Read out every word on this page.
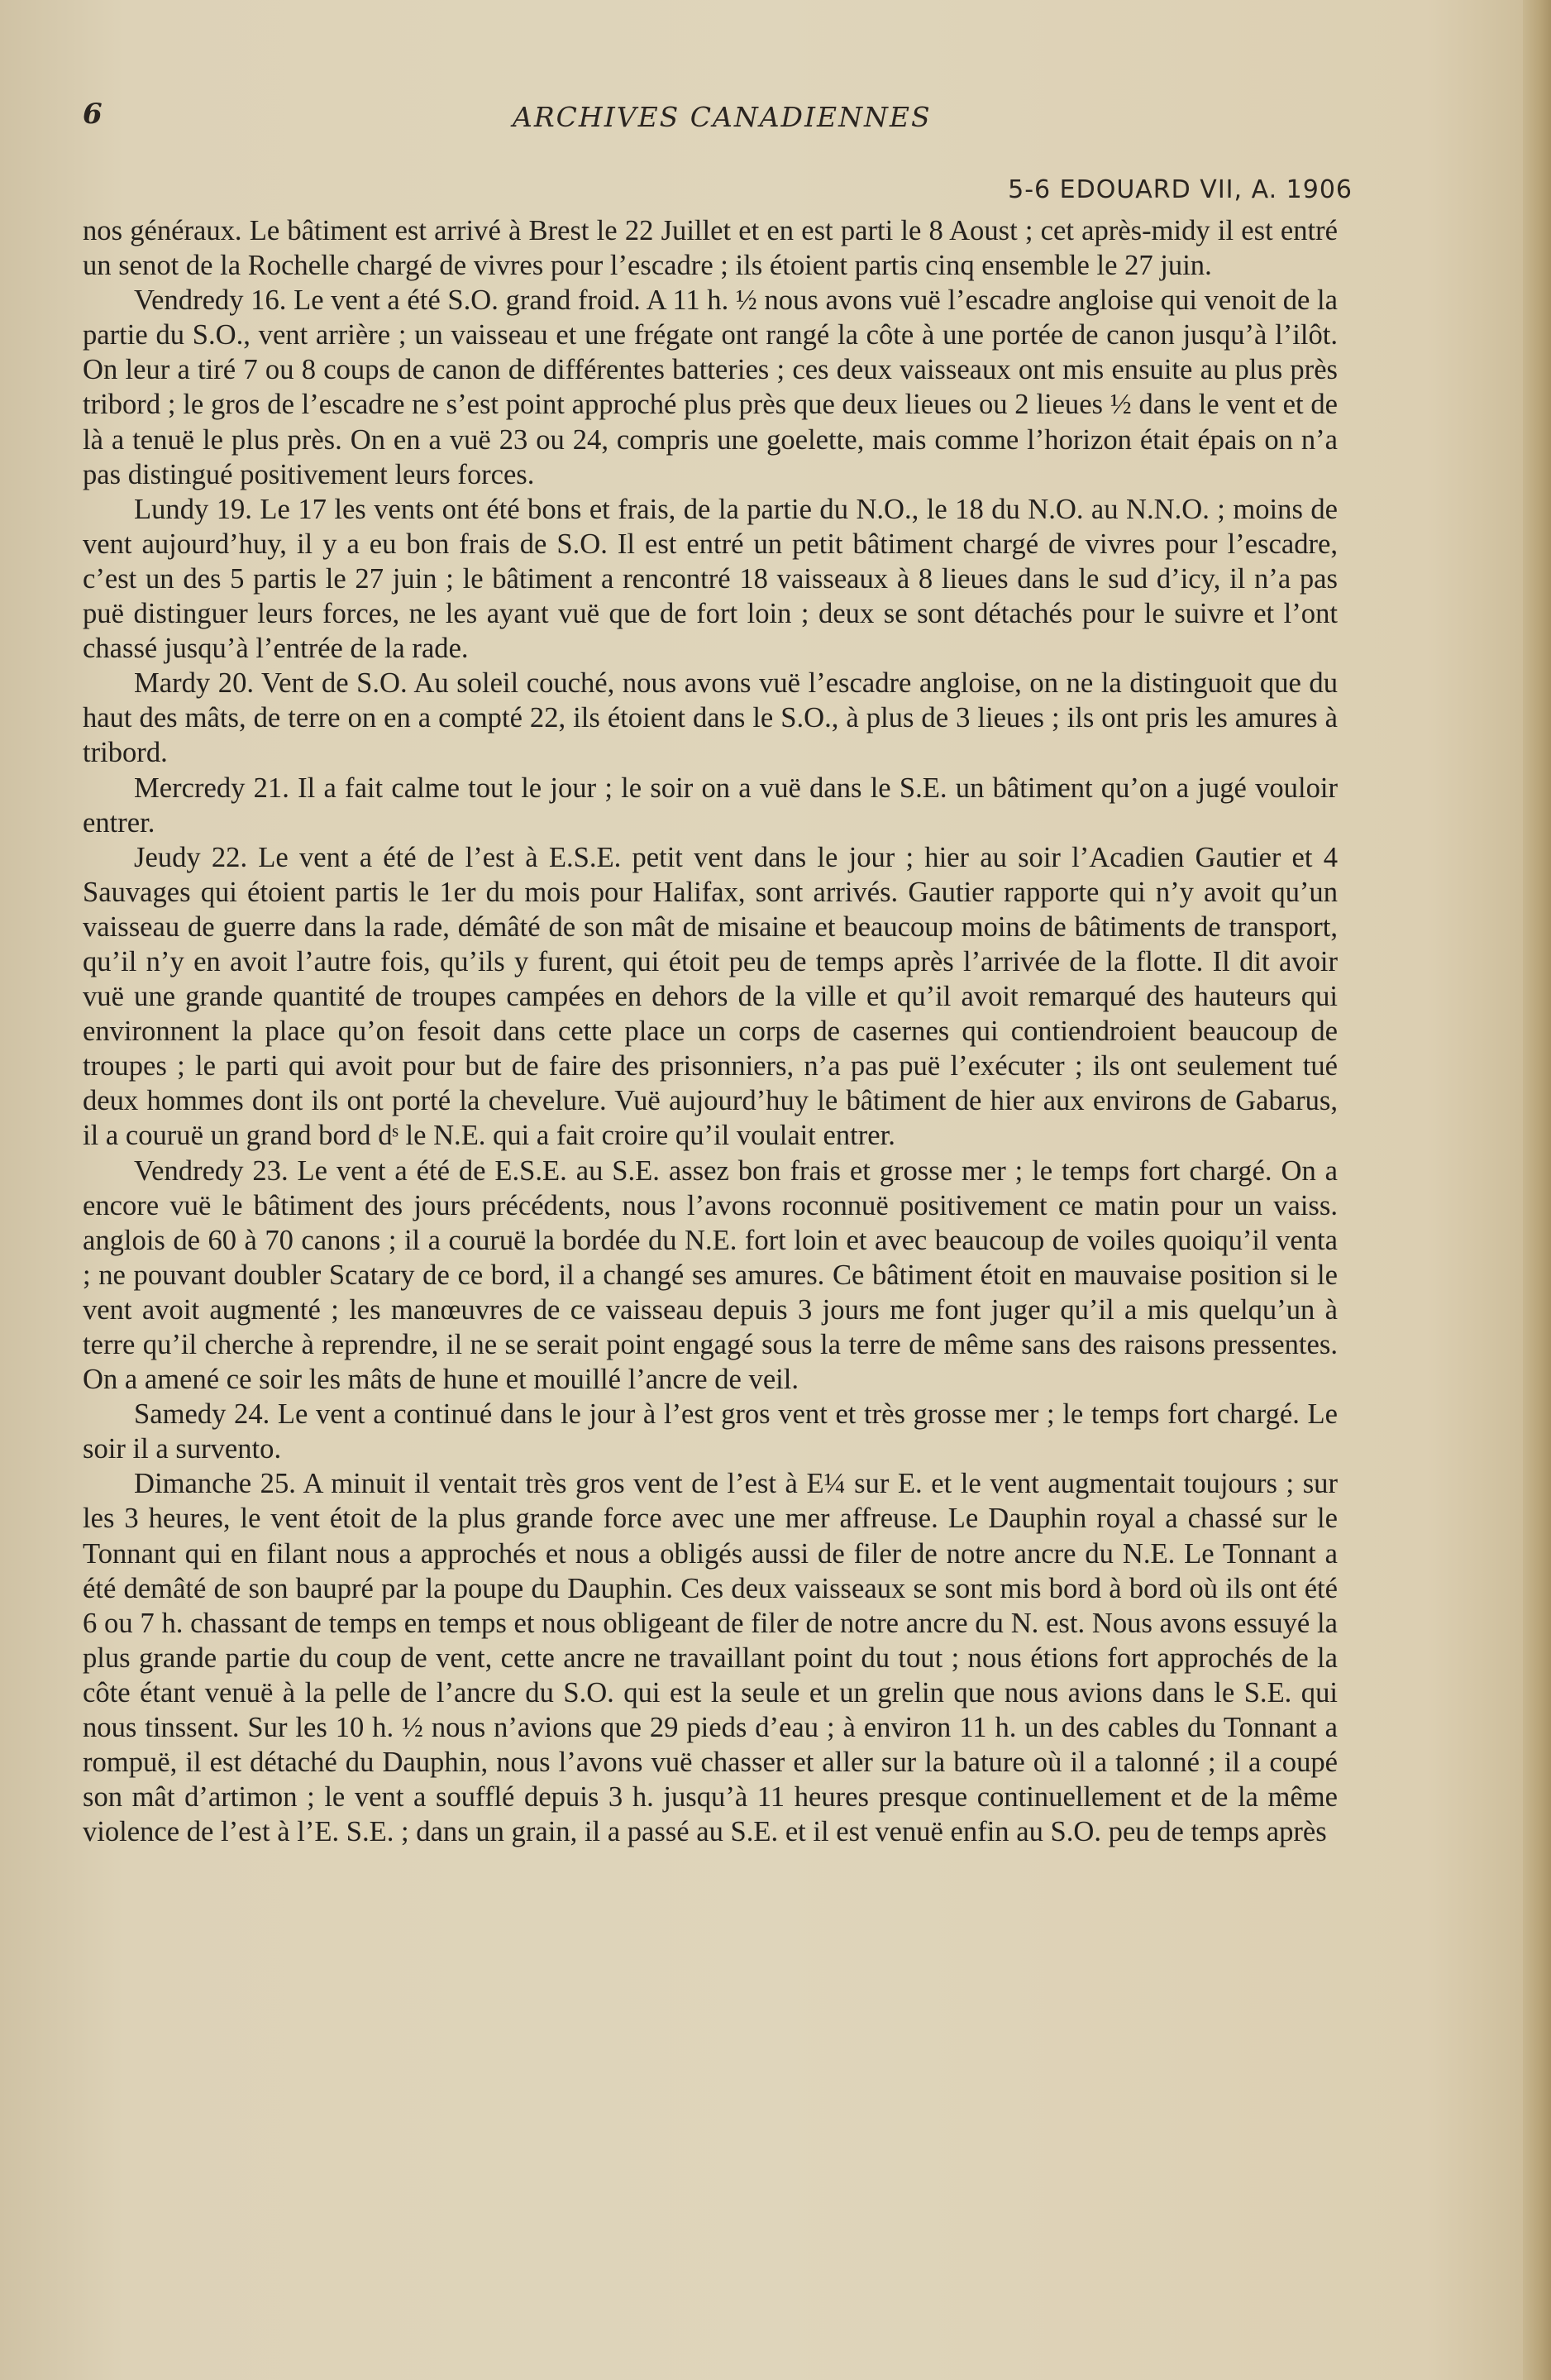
6	ARCHIVES CANADIENNES
5-6 EDOUARD VII, A. 1906

nos généraux. Le bâtiment est arrivé à Brest le 22 Juillet et en est parti le 8 Aoust ; cet après-midy il est entré un senot de la Rochelle chargé de vivres pour l’escadre ; ils étoient partis cinq ensemble le 27 juin.

Vendredy 16. Le vent a été S.O. grand froid. A 11 h. ½ nous avons vuë l’escadre angloise qui venoit de la partie du S.O., vent arrière ; un vaisseau et une frégate ont rangé la côte à une portée de canon jusqu’à l’ilôt. On leur a tiré 7 ou 8 coups de canon de différentes batteries ; ces deux vaisseaux ont mis ensuite au plus près tribord ; le gros de l’escadre ne s’est point approché plus près que deux lieues ou 2 lieues ½ dans le vent et de là a tenuë le plus près. On en a vuë 23 ou 24, compris une goelette, mais comme l’horizon était épais on n’a pas distingué positivement leurs forces.

Lundy 19. Le 17 les vents ont été bons et frais, de la partie du N.O., le 18 du N.O. au N.N.O. ; moins de vent aujourd’huy, il y a eu bon frais de S.O. Il est entré un petit bâtiment chargé de vivres pour l’escadre, c’est un des 5 partis le 27 juin ; le bâtiment a rencontré 18 vaisseaux à 8 lieues dans le sud d’icy, il n’a pas puë distinguer leurs forces, ne les ayant vuë que de fort loin ; deux se sont détachés pour le suivre et l’ont chassé jusqu’à l’entrée de la rade.

Mardy 20. Vent de S.O. Au soleil couché, nous avons vuë l’escadre angloise, on ne la distinguoit que du haut des mâts, de terre on en a compté 22, ils étoient dans le S.O., à plus de 3 lieues ; ils ont pris les amures à tribord.

Mercredy 21. Il a fait calme tout le jour ; le soir on a vuë dans le S.E. un bâtiment qu’on a jugé vouloir entrer.

Jeudy 22. Le vent a été de l’est à E.S.E. petit vent dans le jour ; hier au soir l’Acadien Gautier et 4 Sauvages qui étoient partis le 1er du mois pour Halifax, sont arrivés. Gautier rapporte qui n’y avoit qu’un vaisseau de guerre dans la rade, démâté de son mât de misaine et beaucoup moins de bâtiments de transport, qu’il n’y en avoit l’autre fois, qu’ils y furent, qui étoit peu de temps après l’arrivée de la flotte. Il dit avoir vuë une grande quantité de troupes campées en dehors de la ville et qu’il avoit remarqué des hauteurs qui environnent la place qu’on fesoit dans cette place un corps de casernes qui contiendroient beaucoup de troupes ; le parti qui avoit pour but de faire des prisonniers, n’a pas puë l’exécuter ; ils ont seulement tué deux hommes dont ils ont porté la chevelure. Vuë aujourd’huy le bâtiment de hier aux environs de Gabarus, il a couruë un grand bord dˢ le N.E. qui a fait croire qu’il voulait entrer.

Vendredy 23. Le vent a été de E.S.E. au S.E. assez bon frais et grosse mer ; le temps fort chargé. On a encore vuë le bâtiment des jours précédents, nous l’avons roconnuë positivement ce matin pour un vaiss. anglois de 60 à 70 canons ; il a couruë la bordée du N.E. fort loin et avec beaucoup de voiles quoiqu’il venta ; ne pouvant doubler Scatary de ce bord, il a changé ses amures. Ce bâtiment étoit en mauvaise position si le vent avoit augmenté ; les manœuvres de ce vaisseau depuis 3 jours me font juger qu’il a mis quelqu’un à terre qu’il cherche à reprendre, il ne se serait point engagé sous la terre de même sans des raisons pressentes. On a amené ce soir les mâts de hune et mouillé l’ancre de veil.

Samedy 24. Le vent a continué dans le jour à l’est gros vent et très grosse mer ; le temps fort chargé. Le soir il a survento.

Dimanche 25. A minuit il ventait très gros vent de l’est à E¼ sur E. et le vent augmentait toujours ; sur les 3 heures, le vent étoit de la plus grande force avec une mer affreuse. Le Dauphin royal a chassé sur le Tonnant qui en filant nous a approchés et nous a obligés aussi de filer de notre ancre du N.E. Le Tonnant a été demâté de son baupré par la poupe du Dauphin. Ces deux vaisseaux se sont mis bord à bord où ils ont été 6 ou 7 h. chassant de temps en temps et nous obligeant de filer de notre ancre du N. est. Nous avons essuyé la plus grande partie du coup de vent, cette ancre ne travaillant point du tout ; nous étions fort approchés de la côte étant venuë à la pelle de l’ancre du S.O. qui est la seule et un grelin que nous avions dans le S.E. qui nous tinssent. Sur les 10 h. ½ nous n’avions que 29 pieds d’eau ; à environ 11 h. un des cables du Tonnant a rompuë, il est détaché du Dauphin, nous l’avons vuë chasser et aller sur la bature où il a talonné ; il a coupé son mât d’artimon ; le vent a soufflé depuis 3 h. jusqu’à 11 heures presque continuellement et de la même violence de l’est à l’E. S.E. ; dans un grain, il a passé au S.E. et il est venuë enfin au S.O. peu de temps après
